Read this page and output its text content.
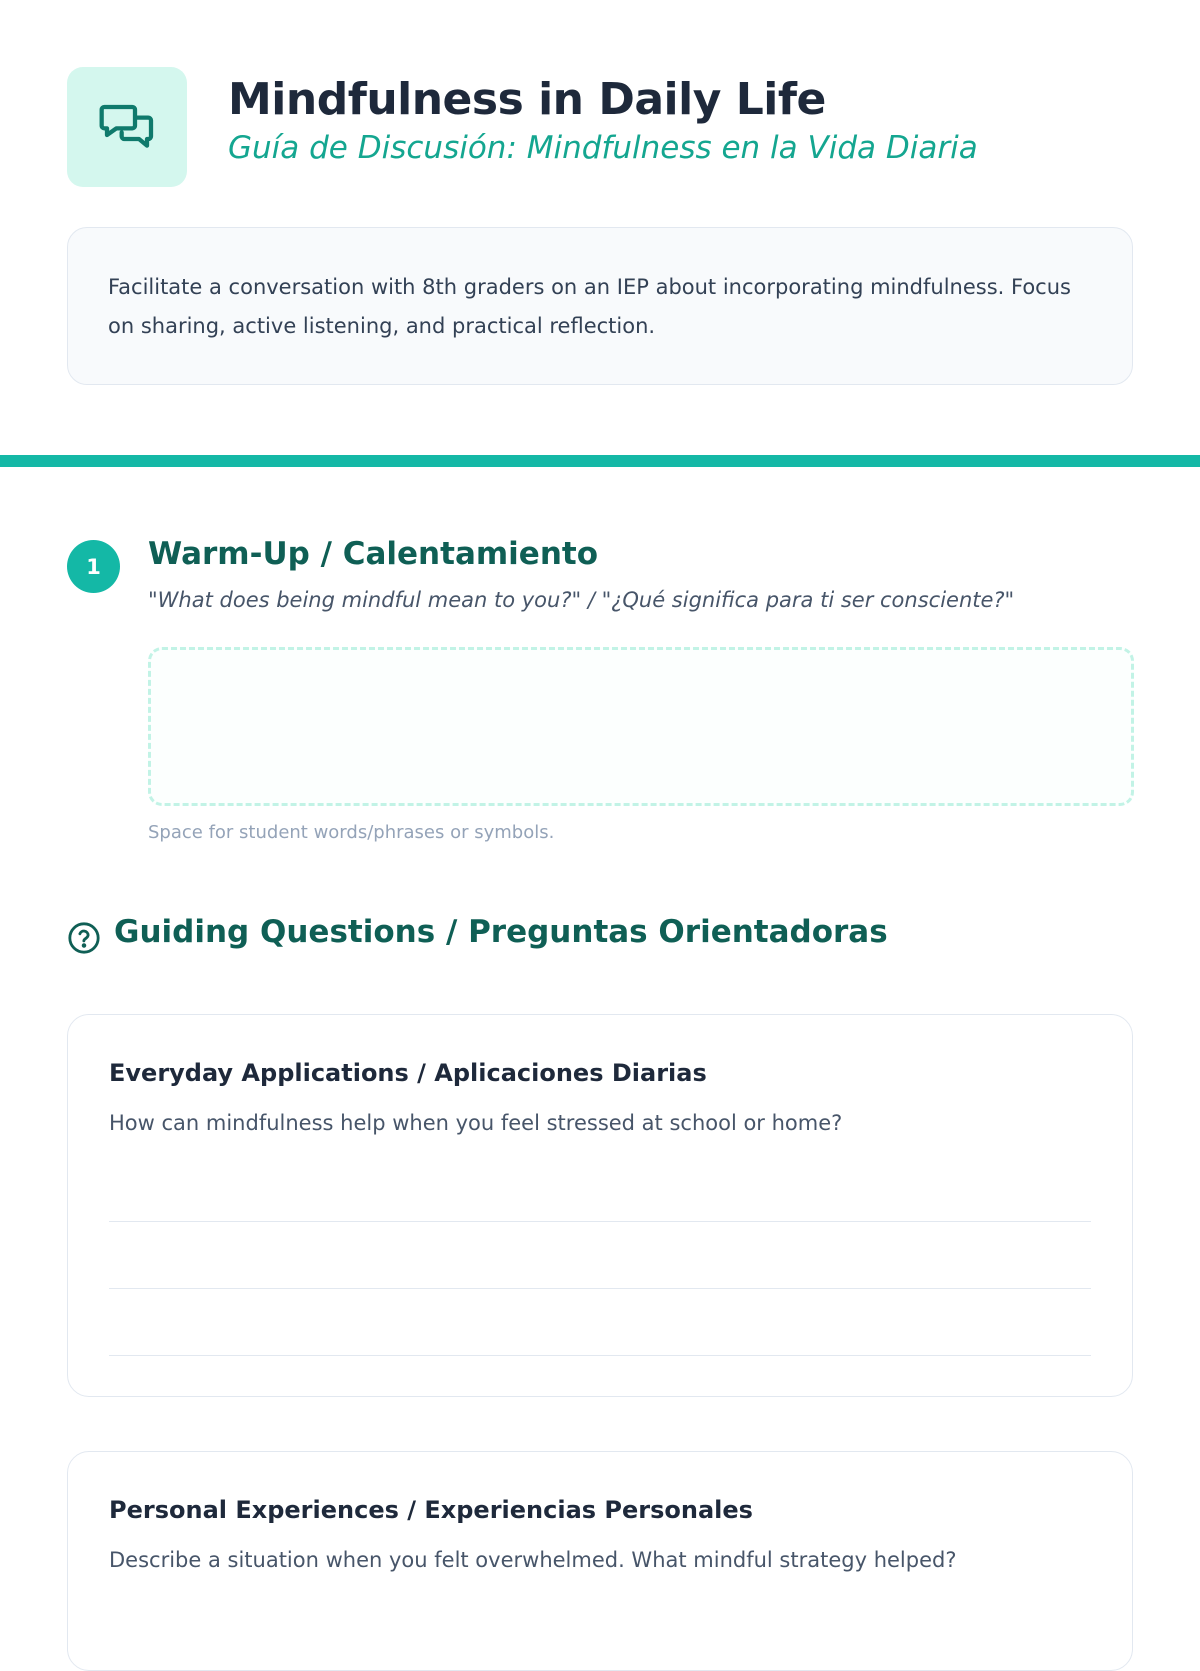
Mindfulness in Daily Life
Guía de Discusión: Mindfulness en la Vida Diaria
Facilitate a conversation with 8th graders on an IEP about incorporating mindfulness. Focus on sharing, active listening, and practical reflection.
1	Warm-Up / Calentamiento
"What does being mindful mean to you?" / "¿Qué significa para ti ser consciente?"
Space for student words/phrases or symbols.
Guiding Questions / Preguntas Orientadoras
Everyday Applications / Aplicaciones Diarias
How can mindfulness help when you feel stressed at school or home?
Personal Experiences / Experiencias Personales
Describe a situation when you felt overwhelmed. What mindful strategy helped?
